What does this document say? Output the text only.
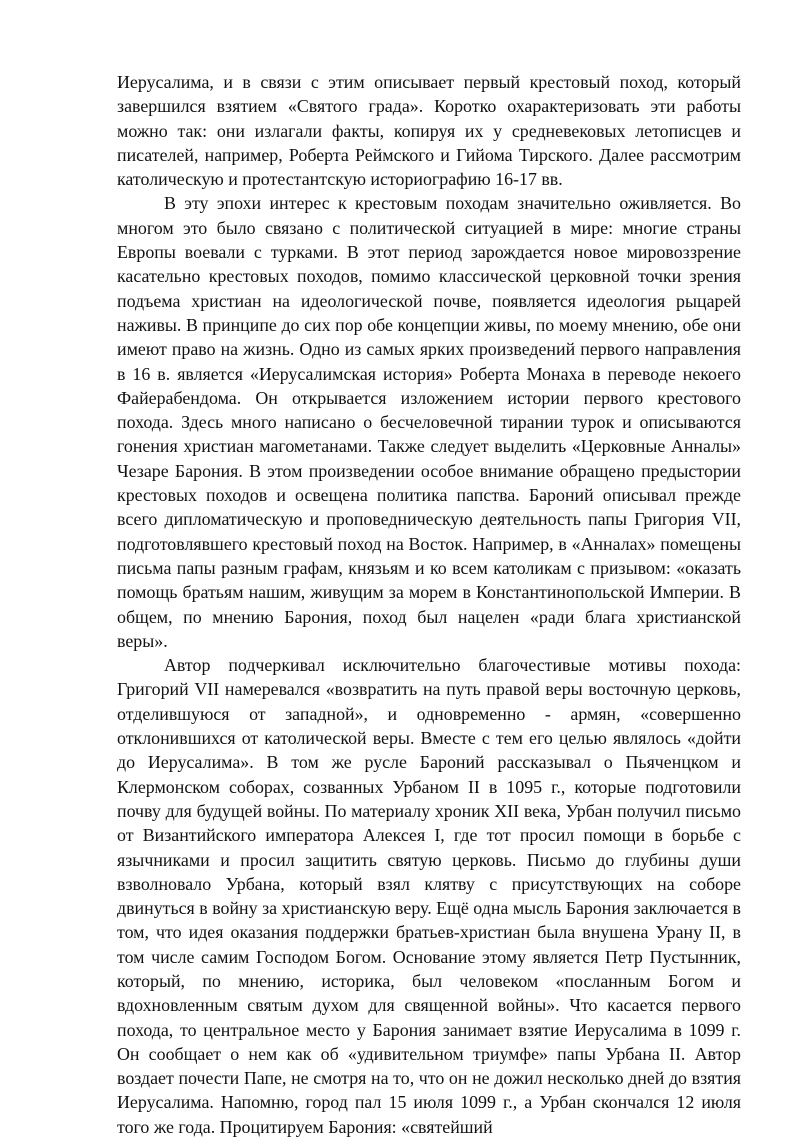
Иерусалима, и в связи с этим описывает первый крестовый поход, который завершился взятием «Святого града». Коротко охарактеризовать эти работы можно так: они излагали факты, копируя их у средневековых летописцев и писателей, например, Роберта Реймского и Гийома Тирского. Далее рассмотрим католическую и протестантскую историографию 16-17 вв.

В эту эпохи интерес к крестовым походам значительно оживляется. Во многом это было связано с политической ситуацией в мире: многие страны Европы воевали с турками. В этот период зарождается новое мировоззрение касательно крестовых походов, помимо классической церковной точки зрения подъема христиан на идеологической почве, появляется идеология рыцарей наживы. В принципе до сих пор обе концепции живы, по моему мнению, обе они имеют право на жизнь. Одно из самых ярких произведений первого направления в 16 в. является «Иерусалимская история» Роберта Монаха в переводе некоего Файерабендома. Он открывается изложением истории первого крестового похода. Здесь много написано о бесчеловечной тирании турок и описываются гонения христиан магометанами. Также следует выделить «Церковные Анналы» Чезаре Барония. В этом произведении особое внимание обращено предыстории крестовых походов и освещена политика папства. Бароний описывал прежде всего дипломатическую и проповедническую деятельность папы Григория VII, подготовлявшего крестовый поход на Восток. Например, в «Анналах» помещены письма папы разным графам, князьям и ко всем католикам с призывом: «оказать помощь братьям нашим, живущим за морем в Константинопольской Империи. В общем, по мнению Барония, поход был нацелен «ради блага христианской веры».

Автор подчеркивал исключительно благочестивые мотивы похода: Григорий VII намеревался «возвратить на путь правой веры восточную церковь, отделившуюся от западной», и одновременно - армян, «совершенно отклонившихся от католической веры. Вместе с тем его целью являлось «дойти до Иерусалима». В том же русле Бароний рассказывал о Пьяченцком и Клермонском соборах, созванных Урбаном II в 1095 г., которые подготовили почву для будущей войны. По материалу хроник XII века, Урбан получил письмо от Византийского императора Алексея I, где тот просил помощи в борьбе с язычниками и просил защитить святую церковь. Письмо до глубины души взволновало Урбана, который взял клятву с присутствующих на соборе двинуться в войну за христианскую веру. Ещё одна мысль Барония заключается в том, что идея оказания поддержки братьев-христиан была внушена Урану II, в том числе самим Господом Богом. Основание этому является Петр Пустынник, который, по мнению, историка, был человеком «посланным Богом и вдохновленным святым духом для священной войны». Что касается первого похода, то центральное место у Барония занимает взятие Иерусалима в 1099 г. Он сообщает о нем как об «удивительном триумфе» папы Урбана II. Автор воздает почести Папе, не смотря на то, что он не дожил несколько дней до взятия Иерусалима. Напомню, город пал 15 июля 1099 г., а Урбан скончался 12 июля того же года. Процитируем Барония: «святейший
